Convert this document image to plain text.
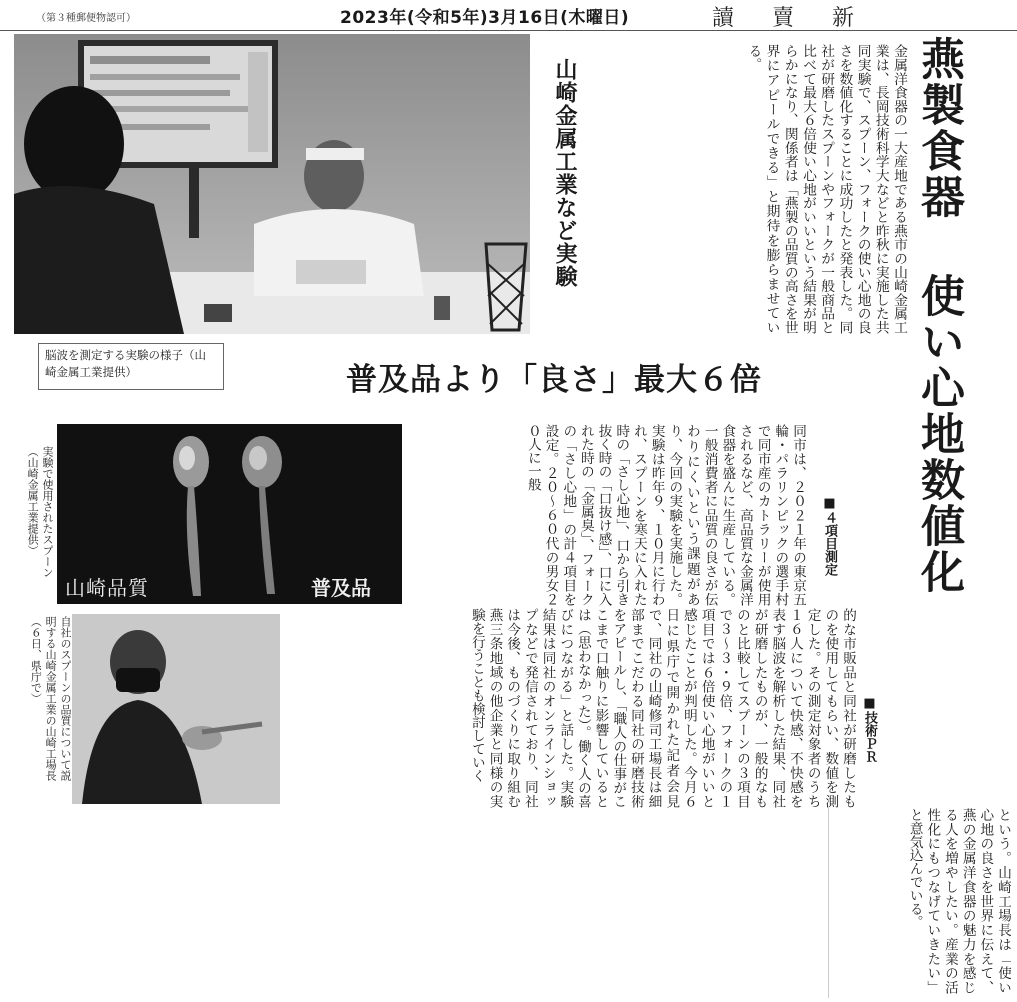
（第３種郵便物認可）	2023年(令和5年)3月16日(木曜日)	讀　賣　新
脳波を測定する実験の様子（山崎金属工業提供）
山崎金属工業など実験	金属洋食器の一大産地である燕市の山崎金属工業は、長岡技術科学大などと昨秋に実施した共同実験で、スプーン、フォークの使い心地の良さを数値化することに成功したと発表した。同社が研磨したスプーンやフォークが一般商品と比べて最大６倍使い心地がいいという結果が明らかになり、関係者は「燕製の品質の高さを世界にアピールできる」と期待を膨らませている。	燕製食器 使い心地数値化
普及品より「良さ」最大６倍
実験で使用されたスプーン（山崎金属工業提供）
山崎品質	普及品	同市は、２０２１年の東京五輪・パラリンピックの選手村で同市産のカトラリーが使用されるなど、高品質な金属洋食器を盛んに生産している。一般消費者に品質の良さが伝わりにくいという課題があり、今回の実験を実施した。実験は昨年９、１０月に行われ、スプーンを寒天に入れた時の「さし心地」、口から引き抜く時の「口抜け感」、口に入れた時の「金属臭」、フォークの「さし心地」の計４項目を設定。２０～６０代の男女２０人に一般
■４項目測定
的な市販品と同社が研磨したものを使用してもらい、数値を測定した。その測定対象者のうち１６人について快感、不快感を表す脳波を解析した結果、同社が研磨したものが、一般的なものと比較してスプーンの３項目で３～３・９倍、フォークの１項目では６倍使い心地がいいと感じたことが判明した。今月６日に県庁で開かれた記者会見で、同社の山崎修司工場長は細部までこだわる同社の研磨技術をアピールし、「職人の仕事がここまで口触りに影響しているとは（思わなかった）。働く人の喜びにつながる」と話した。実験結果は同社のオンラインショップなどで発信されており、同社は今後、ものづくりに取り組む燕三条地域の他企業と同様の実験を行うことも検討していく	■技術ＰＲ
自社のスプーンの品質について説明する山崎金属工業の山崎工場長（６日、県庁で）
という。山崎工場長は「使い心地の良さを世界に伝えて、燕の金属洋食器の魅力を感じる人を増やしたい。産業の活性化にもつなげていきたい」と意気込んでいる。
